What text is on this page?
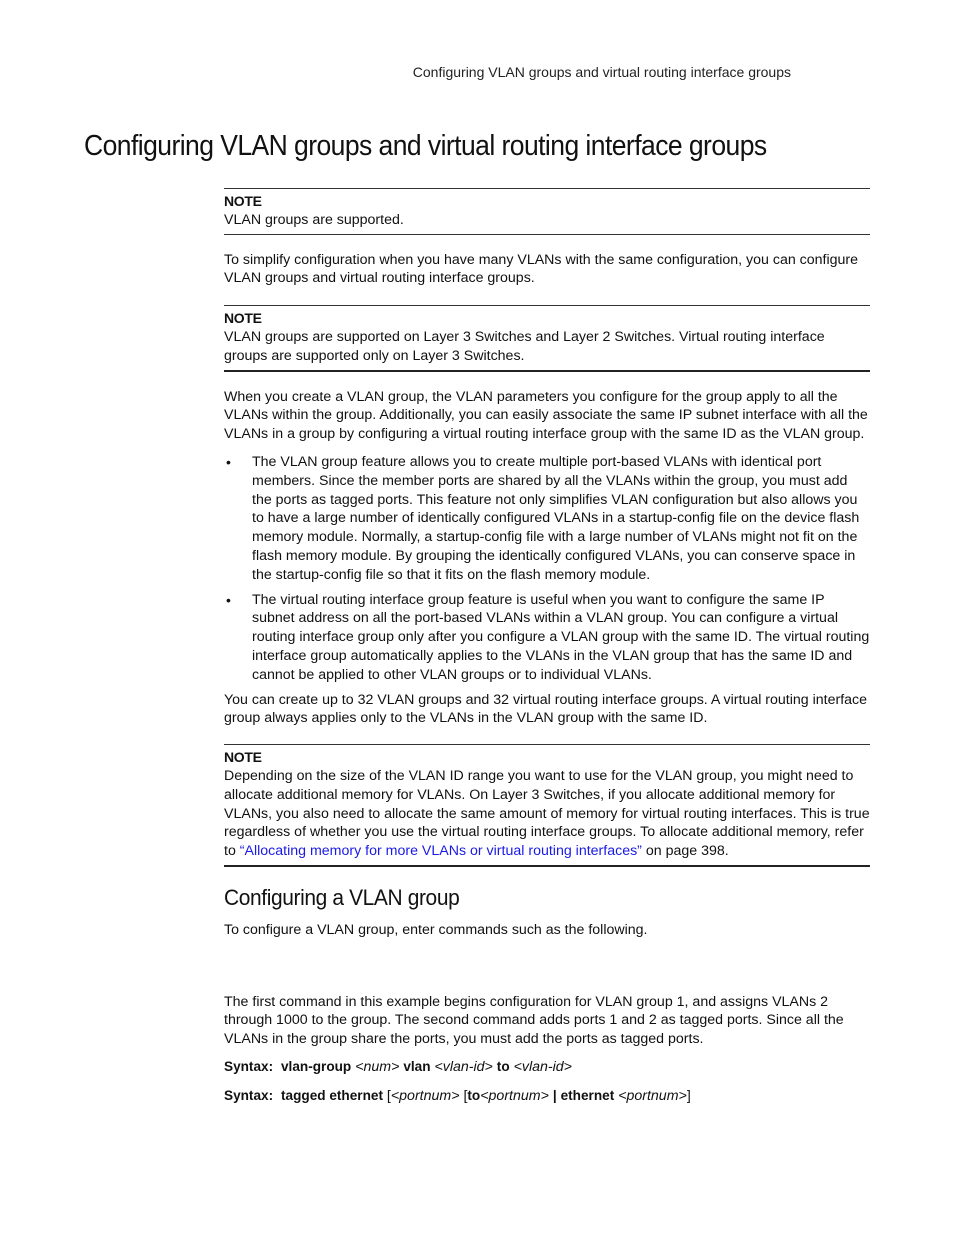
Configuring VLAN groups and virtual routing interface groups
Configuring VLAN groups and virtual routing interface groups
NOTE
VLAN groups are supported.

To simplify configuration when you have many VLANs with the same configuration, you can configure VLAN groups and virtual routing interface groups.

NOTE
VLAN groups are supported on Layer 3 Switches and Layer 2 Switches. Virtual routing interface groups are supported only on Layer 3 Switches.

When you create a VLAN group, the VLAN parameters you configure for the group apply to all the VLANs within the group. Additionally, you can easily associate the same IP subnet interface with all the VLANs in a group by configuring a virtual routing interface group with the same ID as the VLAN group.

• The VLAN group feature allows you to create multiple port-based VLANs with identical port members. Since the member ports are shared by all the VLANs within the group, you must add the ports as tagged ports. This feature not only simplifies VLAN configuration but also allows you to have a large number of identically configured VLANs in a startup-config file on the device flash memory module. Normally, a startup-config file with a large number of VLANs might not fit on the flash memory module. By grouping the identically configured VLANs, you can conserve space in the startup-config file so that it fits on the flash memory module.
• The virtual routing interface group feature is useful when you want to configure the same IP subnet address on all the port-based VLANs within a VLAN group. You can configure a virtual routing interface group only after you configure a VLAN group with the same ID. The virtual routing interface group automatically applies to the VLANs in the VLAN group that has the same ID and cannot be applied to other VLAN groups or to individual VLANs.

You can create up to 32 VLAN groups and 32 virtual routing interface groups. A virtual routing interface group always applies only to the VLANs in the VLAN group with the same ID.

NOTE
Depending on the size of the VLAN ID range you want to use for the VLAN group, you might need to allocate additional memory for VLANs. On Layer 3 Switches, if you allocate additional memory for VLANs, you also need to allocate the same amount of memory for virtual routing interfaces. This is true regardless of whether you use the virtual routing interface groups. To allocate additional memory, refer to “Allocating memory for more VLANs or virtual routing interfaces” on page 398.
Configuring a VLAN group

To configure a VLAN group, enter commands such as the following.

The first command in this example begins configuration for VLAN group 1, and assigns VLANs 2 through 1000 to the group. The second command adds ports 1 and 2 as tagged ports. Since all the VLANs in the group share the ports, you must add the ports as tagged ports.

Syntax: vlan-group <num> vlan <vlan-id> to <vlan-id>
Syntax: tagged ethernet [<portnum> [to<portnum> | ethernet <portnum>]
